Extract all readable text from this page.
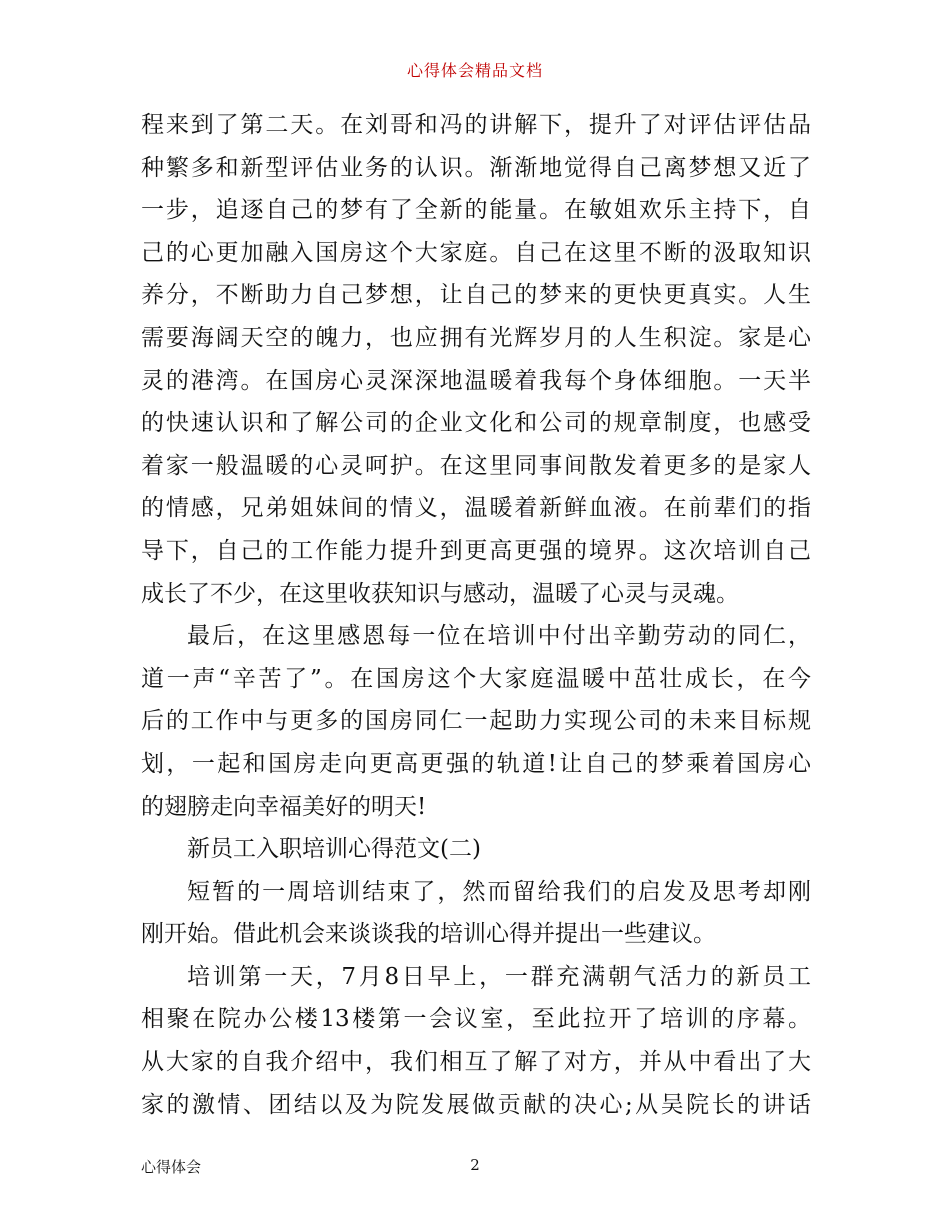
心得体会精品文档
程来到了第二天。在刘哥和冯的讲解下，提升了对评估评估品
种繁多和新型评估业务的认识。渐渐地觉得自己离梦想又近了
一步，追逐自己的梦有了全新的能量。在敏姐欢乐主持下，自
己的心更加融入国房这个大家庭。自己在这里不断的汲取知识
养分，不断助力自己梦想，让自己的梦来的更快更真实。人生
需要海阔天空的魄力，也应拥有光辉岁月的人生积淀。家是心
灵的港湾。在国房心灵深深地温暖着我每个身体细胞。一天半
的快速认识和了解公司的企业文化和公司的规章制度，也感受
着家一般温暖的心灵呵护。在这里同事间散发着更多的是家人
的情感，兄弟姐妹间的情义，温暖着新鲜血液。在前辈们的指
导下，自己的工作能力提升到更高更强的境界。这次培训自己
成长了不少，在这里收获知识与感动，温暖了心灵与灵魂。
最后，在这里感恩每一位在培训中付出辛勤劳动的同仁，
道一声“辛苦了”。在国房这个大家庭温暖中茁壮成长，在今
后的工作中与更多的国房同仁一起助力实现公司的未来目标规
划，一起和国房走向更高更强的轨道!让自己的梦乘着国房心
的翅膀走向幸福美好的明天!
新员工入职培训心得范文(二)
短暂的一周培训结束了，然而留给我们的启发及思考却刚
刚开始。借此机会来谈谈我的培训心得并提出一些建议。
培训第一天，7月8日早上，一群充满朝气活力的新员工
相聚在院办公楼13楼第一会议室，至此拉开了培训的序幕。
从大家的自我介绍中，我们相互了解了对方，并从中看出了大
家的激情、团结以及为院发展做贡献的决心;从吴院长的讲话
心得体会	2
